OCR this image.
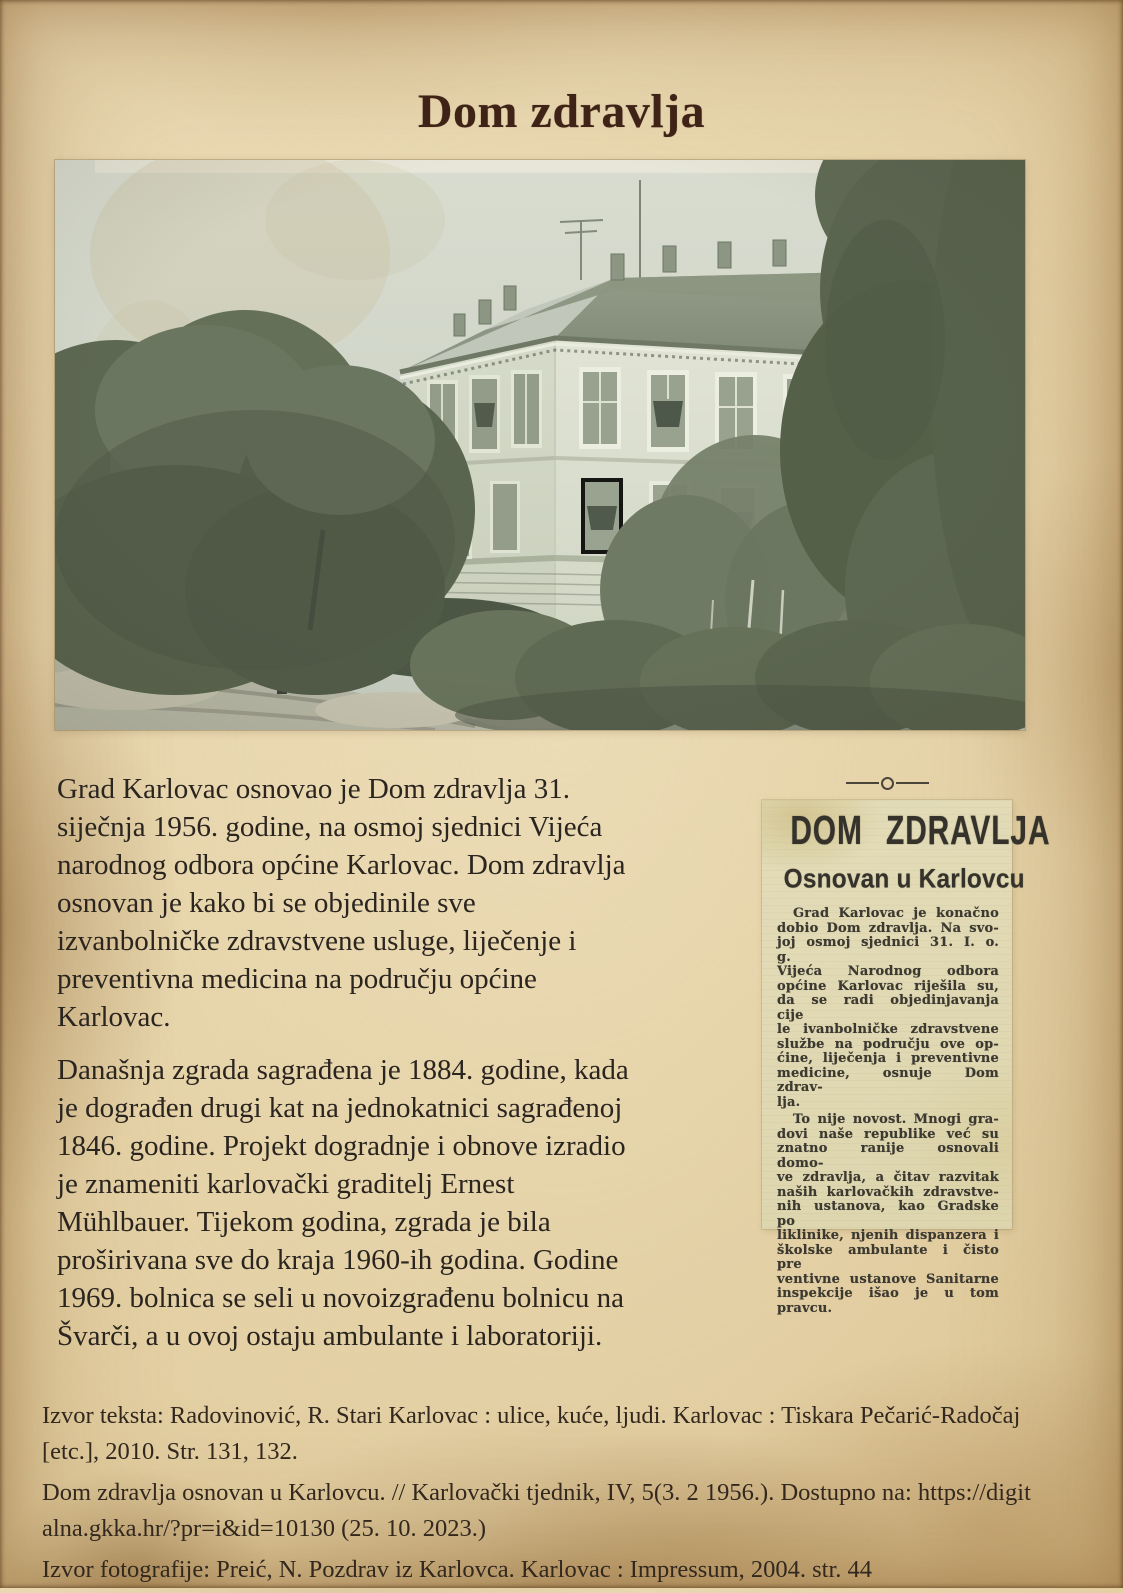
Dom zdravlja
Grad Karlovac osnovao je Dom zdravlja 31.
siječnja 1956. godine, na osmoj sjednici Vijeća
narodnog odbora općine Karlovac. Dom zdravlja
osnovan je kako bi se objedinile sve
izvanbolničke zdravstvene usluge, liječenje i
preventivna medicina na području općine
Karlovac.
Današnja zgrada sagrađena je 1884. godine, kada
je dograđen drugi kat na jednokatnici sagrađenoj
1846. godine. Projekt dogradnje i obnove izradio
je znameniti karlovački graditelj Ernest
Mühlbauer. Tijekom godina, zgrada je bila
proširivana sve do kraja 1960-ih godina. Godine
1969. bolnica se seli u novoizgrađenu bolnicu na
Švarči, a u ovoj ostaju ambulante i laboratoriji.
DOM ZDRAVLJA
Osnovan u Karlovcu
Grad Karlovac je konačno
dobio Dom zdravlja. Na svo-
joj osmoj sjednici 31. I. o. g.
Vijeća Narodnog odbora
općine Karlovac riješila su,
da se radi objedinjavanja cije
le ivanbolničke zdravstvene
službe na području ove op-
ćine, liječenja i preventivne
medicine, osnuje Dom zdrav-
lja.
To nije novost. Mnogi gra-
dovi naše republike već su
znatno ranije osnovali domo-
ve zdravlja, a čitav razvitak
naših karlovačkih zdravstve-
nih ustanova, kao Gradske po
liklinike, njenih dispanzera i
školske ambulante i čisto pre
ventivne ustanove Sanitarne
inspekcije išao je u tom
pravcu.
Izvor teksta: Radovinović, R. Stari Karlovac : ulice, kuće, ljudi. Karlovac : Tiskara Pečarić-Radočaj
[etc.], 2010. Str. 131, 132.
Dom zdravlja osnovan u Karlovcu. // Karlovački tjednik, IV, 5(3. 2 1956.). Dostupno na: https://digit
alna.gkka.hr/?pr=i&id=10130 (25. 10. 2023.)
Izvor fotografije: Preić, N. Pozdrav iz Karlovca. Karlovac : Impressum, 2004. str. 44
